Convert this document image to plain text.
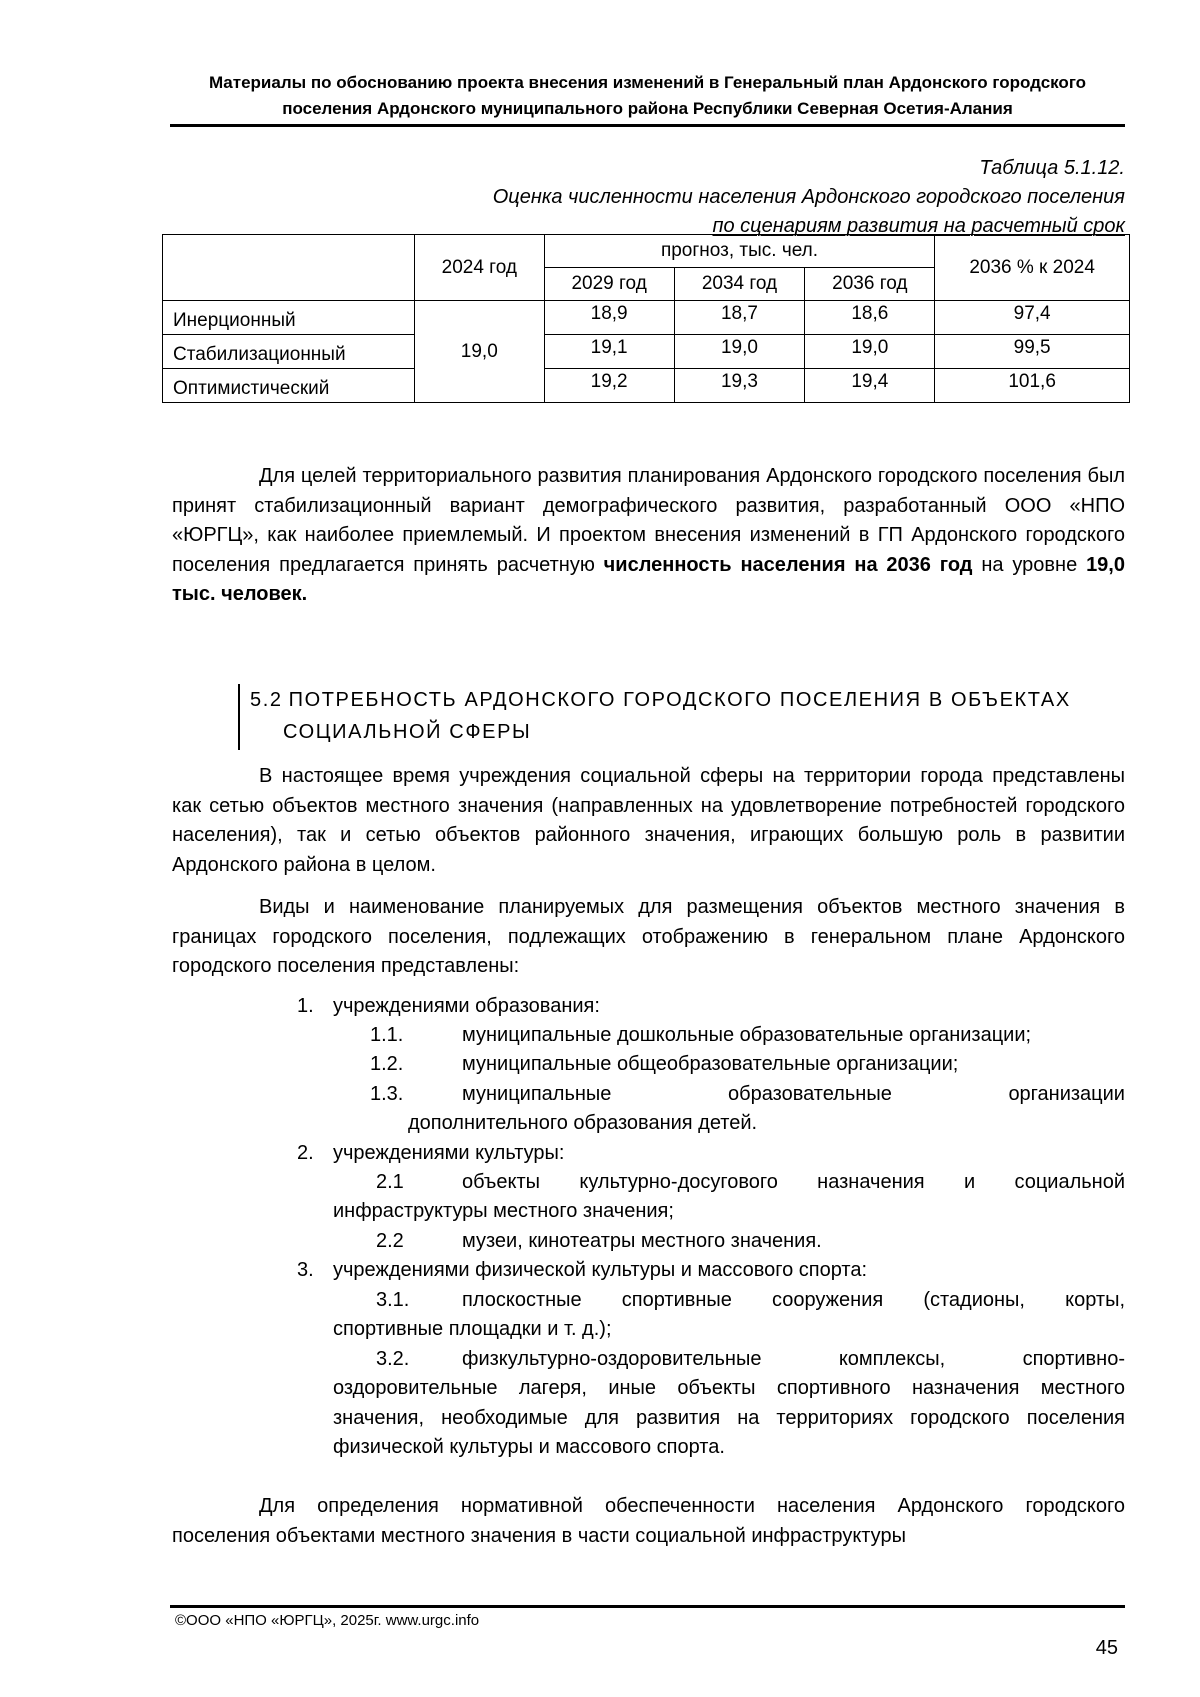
Материалы по обоснованию проекта внесения изменений в Генеральный план Ардонского городского
поселения Ардонского муниципального района Республики Северная Осетия-Алания
Таблица 5.1.12.
Оценка численности населения Ардонского городского поселения
по сценариям развития на расчетный срок
	2024 год	прогноз, тыс. чел.			2036 % к 2024
		2029 год	2034 год	2036 год	
Инерционный	19,0	18,9	18,7	18,6	97,4
Стабилизационный		19,1	19,0	19,0	99,5
Оптимистический		19,2	19,3	19,4	101,6
Для целей территориального развития планирования Ардонского городского поселения был принят стабилизационный вариант демографического развития, разработанный ООО «НПО «ЮРГЦ», как наиболее приемлемый. И проектом внесения изменений в ГП Ардонского городского поселения предлагается принять расчетную численность населения на 2036 год на уровне 19,0 тыс. человек.
5.2 ПОТРЕБНОСТЬ АРДОНСКОГО ГОРОДСКОГО ПОСЕЛЕНИЯ В ОБЪЕКТАХ
СОЦИАЛЬНОЙ СФЕРЫ
В настоящее время учреждения социальной сферы на территории города представлены как сетью объектов местного значения (направленных на удовлетворение потребностей городского населения), так и сетью объектов районного значения, играющих большую роль в развитии Ардонского района в целом.
Виды и наименование планируемых для размещения объектов местного значения в границах городского поселения, подлежащих отображению в генеральном плане Ардонского городского поселения представлены:
1. учреждениями образования:
1.1.	муниципальные дошкольные образовательные организации;
1.2.	муниципальные общеобразовательные организации;
1.3.	муниципальные	образовательные	организации
дополнительного образования детей.
2. учреждениями культуры:
2.1	объекты культурно-досугового назначения и социальной
инфраструктуры местного значения;
2.2	музеи, кинотеатры местного значения.
3. учреждениями физической культуры и массового спорта:
3.1.	плоскостные спортивные сооружения (стадионы, корты,
спортивные площадки и т. д.);
3.2.	физкультурно-оздоровительные комплексы, спортивно-
оздоровительные лагеря, иные объекты спортивного назначения местного значения, необходимые для развития на территориях городского поселения физической культуры и массового спорта.
Для определения нормативной обеспеченности населения Ардонского городского поселения объектами местного значения в части социальной инфраструктуры
©ООО «НПО «ЮРГЦ», 2025г. www.urgc.info
45
